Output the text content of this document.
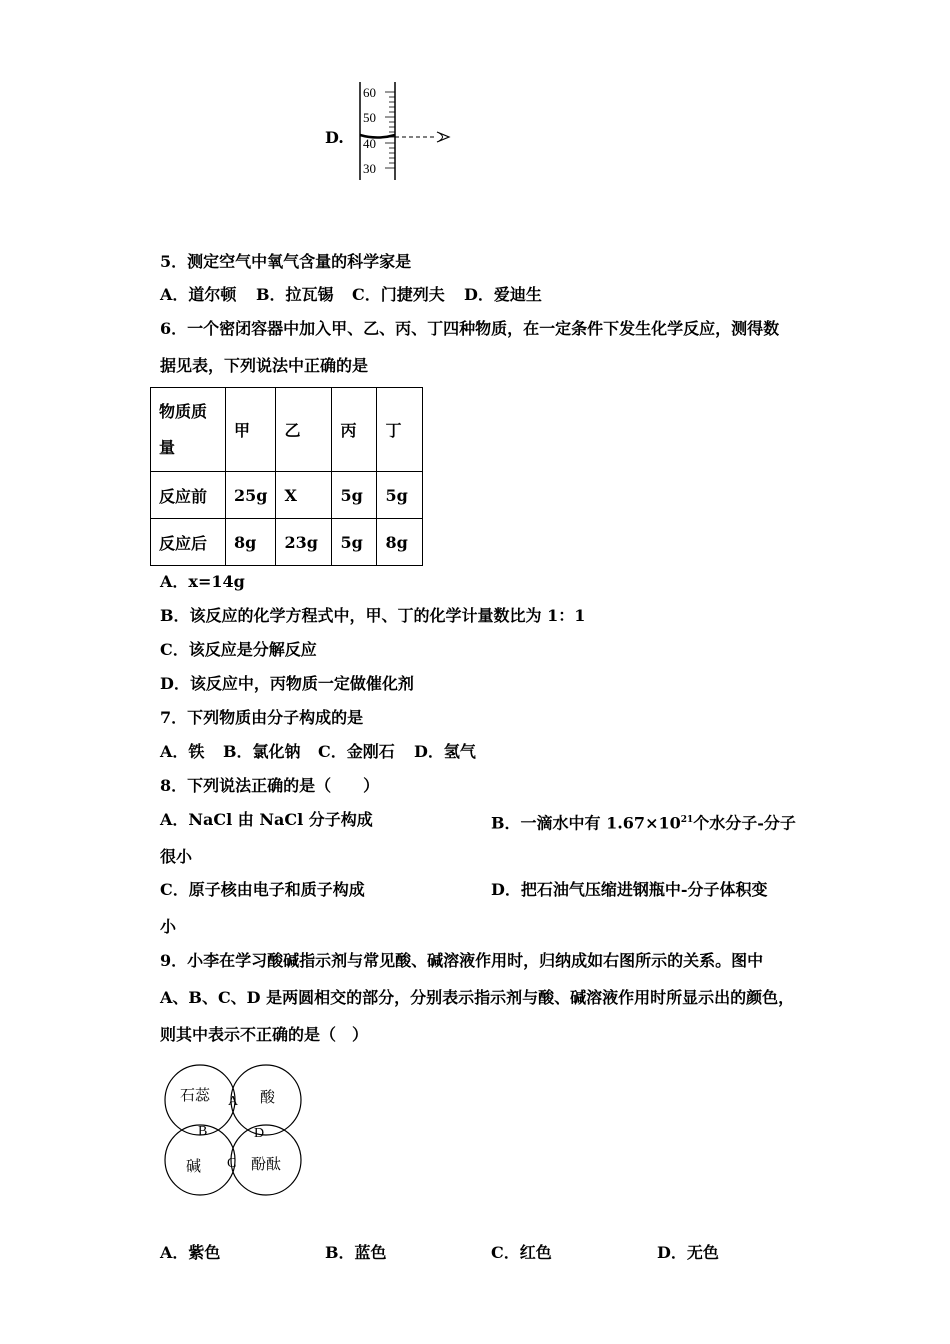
D.
60
50
40
30
5．测定空气中氧气含量的科学家是
A．道尔顿 B．拉瓦锡 C．门捷列夫 D．爱迪生
6．一个密闭容器中加入甲、乙、丙、丁四种物质，在一定条件下发生化学反应，测得数
据见表，下列说法中正确的是
物质质
量	甲	乙	丙	丁
反应前	25g	X	5g	5g
反应后	8g	23g	5g	8g
A．x=14g
B．该反应的化学方程式中，甲、丁的化学计量数比为 1：1
C．该反应是分解反应
D．该反应中，丙物质一定做催化剂
7．下列物质由分子构成的是
A．铁 B．氯化钠 C．金刚石 D．氢气
8．下列说法正确的是（　　）
A．NaCl 由 NaCl 分子构成	B．一滴水中有 $1.67\times 10^{21}$个水分子-分子
很小
C．原子核由电子和质子构成	D．把石油气压缩进钢瓶中-分子体积变
小
9．小李在学习酸碱指示剂与常见酸、碱溶液作用时，归纳成如右图所示的关系。图中
A、B、C、D 是两圆相交的部分，分别表示指示剂与酸、碱溶液作用时所显示出的颜色，
则其中表示不正确的是（　）
石蕊	酸
碱	酚酞
A
B
C
D
A．紫色	B．蓝色	C．红色	D．无色
